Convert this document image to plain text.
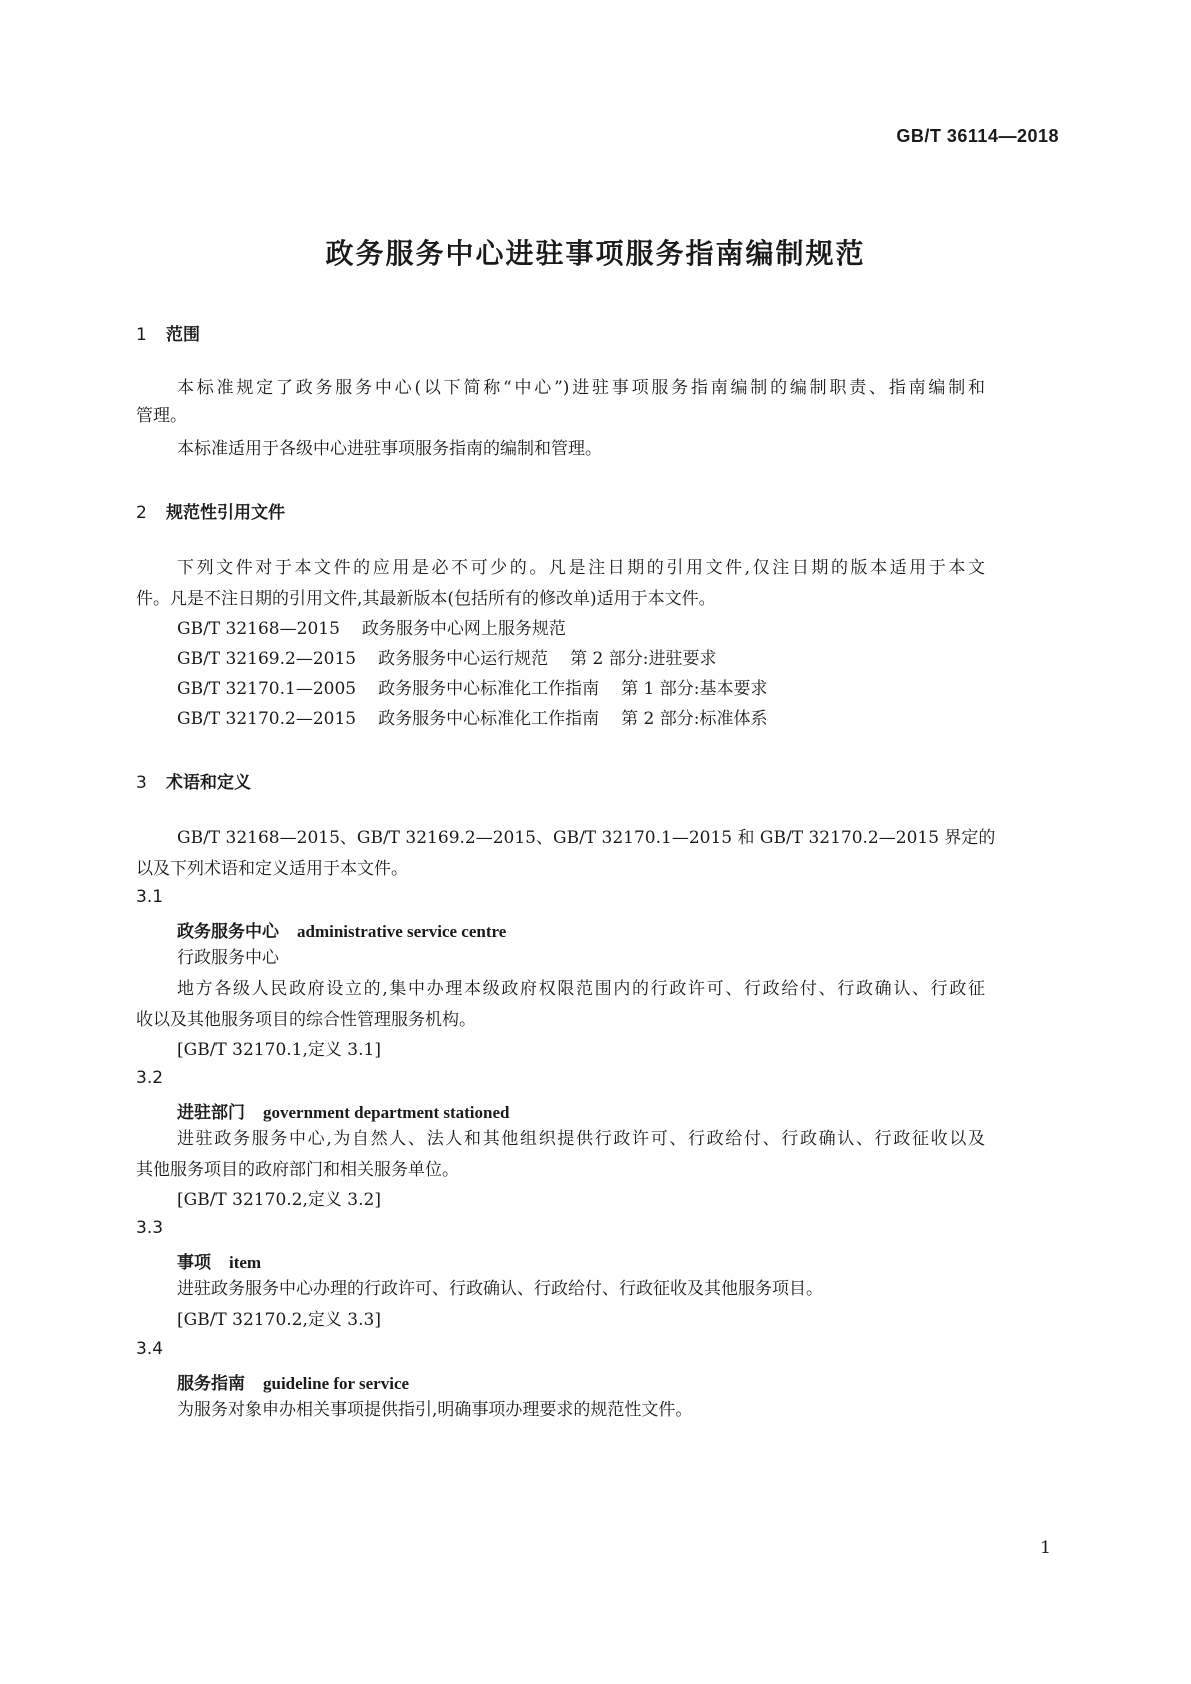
GB/T 36114—2018
政务服务中心进驻事项服务指南编制规范
1 范围
本标准规定了政务服务中心(以下简称“中心”)进驻事项服务指南编制的编制职责、指南编制和
管理。
本标准适用于各级中心进驻事项服务指南的编制和管理。
2 规范性引用文件
下列文件对于本文件的应用是必不可少的。凡是注日期的引用文件,仅注日期的版本适用于本文
件。凡是不注日期的引用文件,其最新版本(包括所有的修改单)适用于本文件。
GB/T 32168—2015 政务服务中心网上服务规范
GB/T 32169.2—2015 政务服务中心运行规范 第 2 部分:进驻要求
GB/T 32170.1—2005 政务服务中心标准化工作指南 第 1 部分:基本要求
GB/T 32170.2—2015 政务服务中心标准化工作指南 第 2 部分:标准体系
3 术语和定义
GB/T 32168—2015、GB/T 32169.2—2015、GB/T 32170.1—2015 和 GB/T 32170.2—2015 界定的
以及下列术语和定义适用于本文件。
3.1
政务服务中心 administrative service centre
行政服务中心
地方各级人民政府设立的,集中办理本级政府权限范围内的行政许可、行政给付、行政确认、行政征
收以及其他服务项目的综合性管理服务机构。
[GB/T 32170.1,定义 3.1]
3.2
进驻部门 government department stationed
进驻政务服务中心,为自然人、法人和其他组织提供行政许可、行政给付、行政确认、行政征收以及
其他服务项目的政府部门和相关服务单位。
[GB/T 32170.2,定义 3.2]
3.3
事项 item
进驻政务服务中心办理的行政许可、行政确认、行政给付、行政征收及其他服务项目。
[GB/T 32170.2,定义 3.3]
3.4
服务指南 guideline for service
为服务对象申办相关事项提供指引,明确事项办理要求的规范性文件。
1
